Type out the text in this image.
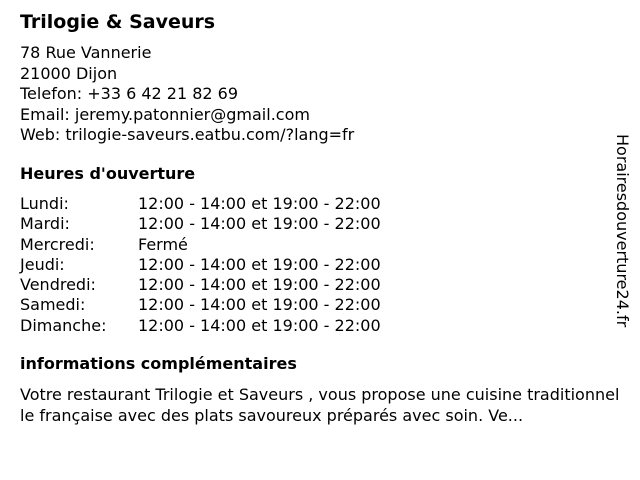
Trilogie & Saveurs
78 Rue Vannerie
21000 Dijon
Telefon: +33 6 42 21 82 69
Email: jeremy.patonnier@gmail.com
Web: trilogie-saveurs.eatbu.com/?lang=fr
Heures d'ouverture
Lundi:	12:00 - 14:00 et 19:00 - 22:00
Mardi:	12:00 - 14:00 et 19:00 - 22:00
Mercredi:	Fermé
Jeudi:	12:00 - 14:00 et 19:00 - 22:00
Vendredi:	12:00 - 14:00 et 19:00 - 22:00
Samedi:	12:00 - 14:00 et 19:00 - 22:00
Dimanche:	12:00 - 14:00 et 19:00 - 22:00
informations complémentaires

Votre restaurant Trilogie et Saveurs , vous propose une cuisine traditionnelle française avec des plats savoureux préparés avec soin. Ve...

Horairesdouverture24.fr
